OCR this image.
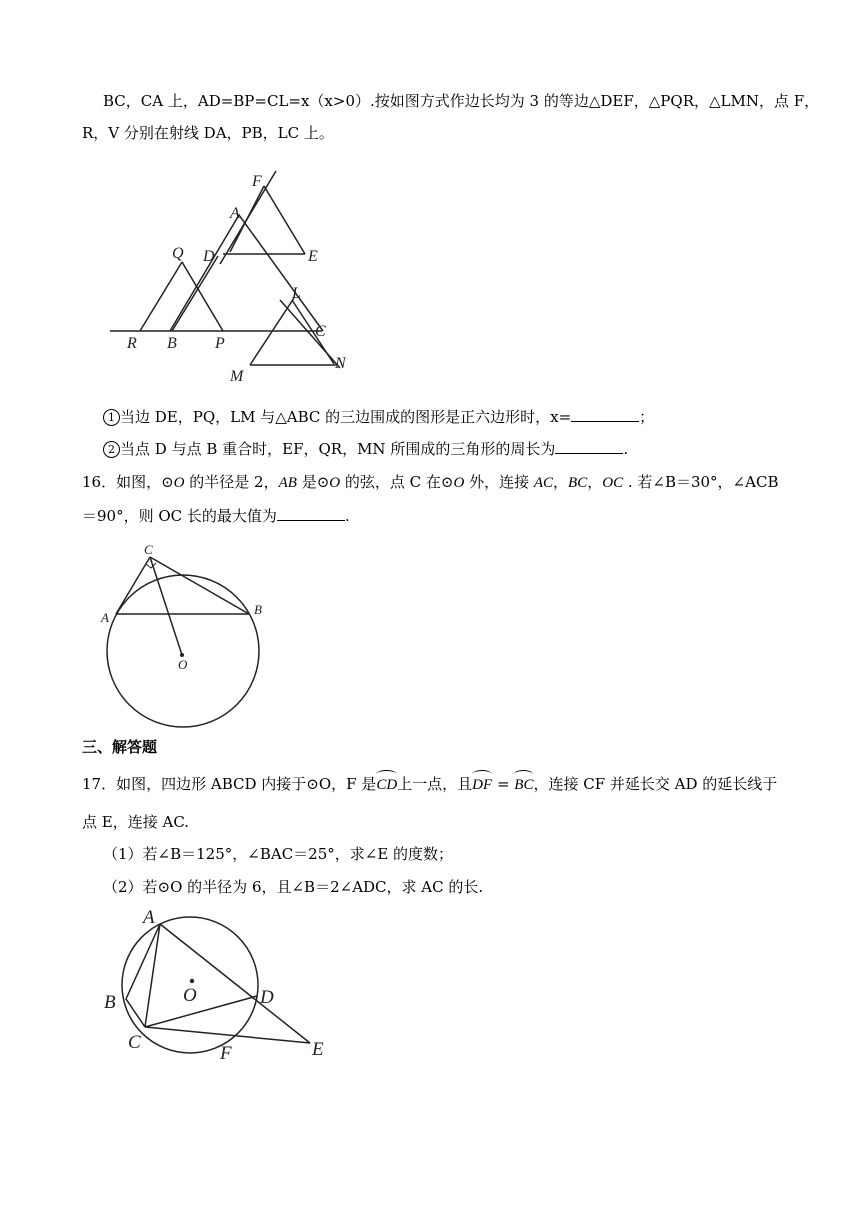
BC，CA 上，AD=BP=CL=x（x>0）.按如图方式作边长均为 3 的等边△DEF，△PQR，△LMN，点 F，
R，V 分别在射线 DA，PB，LC 上。
F
A
D	E
Q
L
C
R B P
M
N
1 当边 DE，PQ，LM 与△ABC 的三边围成的图形是正六边形时，x=	；
2 当点 D 与点 B 重合时，EF，QR，MN 所围成的三角形的周长为	.
16．如图，⊙O 的半径是 2，AB 是⊙O 的弦，点 C 在⊙O 外，连接 AC，BC，OC . 若∠B＝30°，∠ACB
＝90°，则 OC 长的最大值为	.
C
A
B
O
三、解答题
17．如图，四边形 ABCD 内接于⊙O，F 是CD上一点，且DF = BC，连接 CF 并延长交 AD 的延长线于
点 E，连接 AC.
（1）若∠B＝125°，∠BAC＝25°，求∠E 的度数；
（2）若⊙O 的半径为 6，且∠B＝2∠ADC，求 AC 的长.
A
B	O	D
C
F	E
